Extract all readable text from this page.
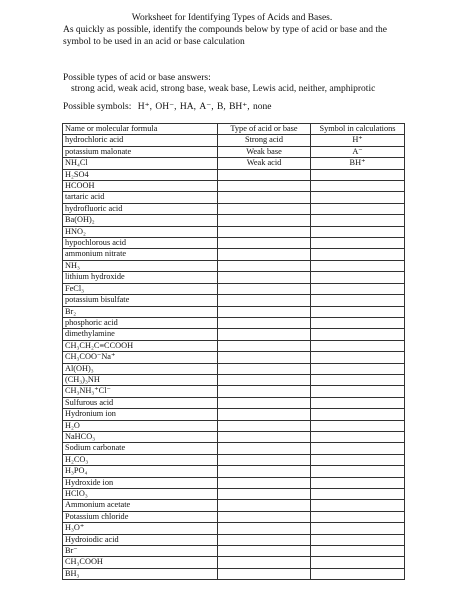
Worksheet for Identifying Types of Acids and Bases.
As quickly as possible, identify the compounds below by type of acid or base and the symbol to be used in an acid or base calculation
Possible types of acid or base answers:
strong acid, weak acid, strong base, weak base, Lewis acid, neither, amphiprotic
Possible symbols: H⁺, OH⁻, HA, A⁻, B, BH⁺, none
Name or molecular formula	Type of acid or base	Symbol in calculations
hydrochloric acid	Strong acid	H⁺
potassium malonate	Weak base	A⁻
NH₄Cl	Weak acid	BH⁺
H₂SO4		
HCOOH		
tartaric acid		
hydrofluoric acid		
Ba(OH)₂		
HNO₂		
hypochlorous acid		
ammonium nitrate		
NH₃		
lithium hydroxide		
FeCl₃		
potassium bisulfate		
Br₂		
phosphoric acid		
dimethylamine		
CH₃CH₂C≡CCOOH		
CH₃COO⁻Na⁺		
Al(OH)₃		
(CH₃)₃NH		
CH₃NH₃⁺Cl⁻		
Sulfurous acid		
Hydronium ion		
H₂O		
NaHCO₃		
Sodium carbonate		
H₂CO₃		
H₃PO₄		
Hydroxide ion		
HClO₃		
Ammonium acetate		
Potassium chloride		
H₃O⁺		
Hydroiodic acid		
Br⁻		
CH₃COOH		
BH₃		
